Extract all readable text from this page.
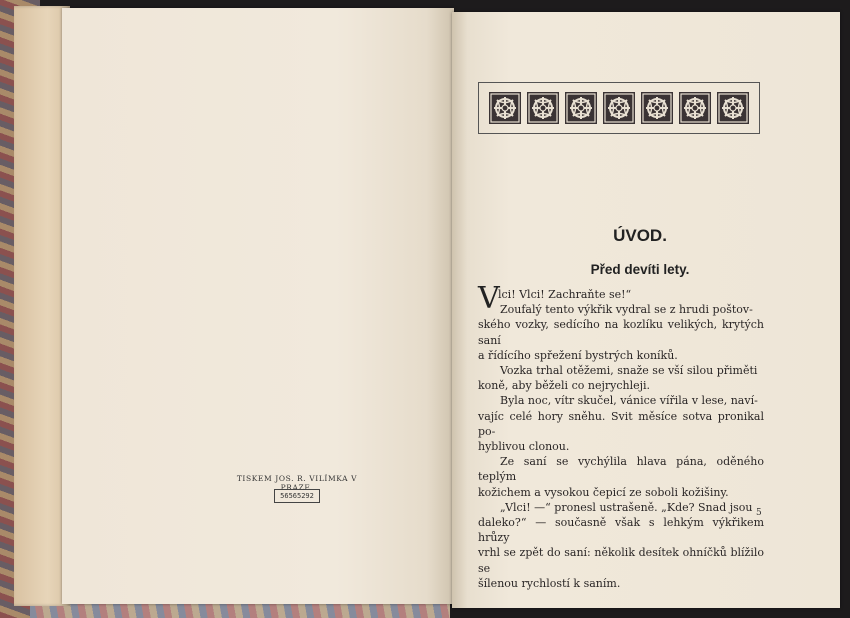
TISKEM JOS. R. VILÍMKA V PRAZE.
56565292
ÚVOD.
Před devíti lety.
V

lci! Vlci! Zachraňte se!“

Zoufalý tento výkřik vydral se z hrudi poštov-

ského vozky, sedícího na kozlíku velikých, krytých saní

a řídícího spřežení bystrých koníků.

Vozka trhal otěžemi, snaže se vší silou přiměti

koně, aby běželi co nejrychleji.

Byla noc, vítr skučel, vánice vířila v lese, naví-

vajíc celé hory sněhu. Svit měsíce sotva pronikal po-

hyblivou clonou.

Ze saní se vychýlila hlava pána, oděného teplým

kožichem a vysokou čepicí ze soboli kožišiny.

„Vlci! —“ pronesl ustrašeně. „Kde? Snad jsou

daleko?“ — současně však s lehkým výkřikem hrůzy

vrhl se zpět do saní: několik desítek ohníčků blížilo se

šílenou rychlostí k saním.

5
